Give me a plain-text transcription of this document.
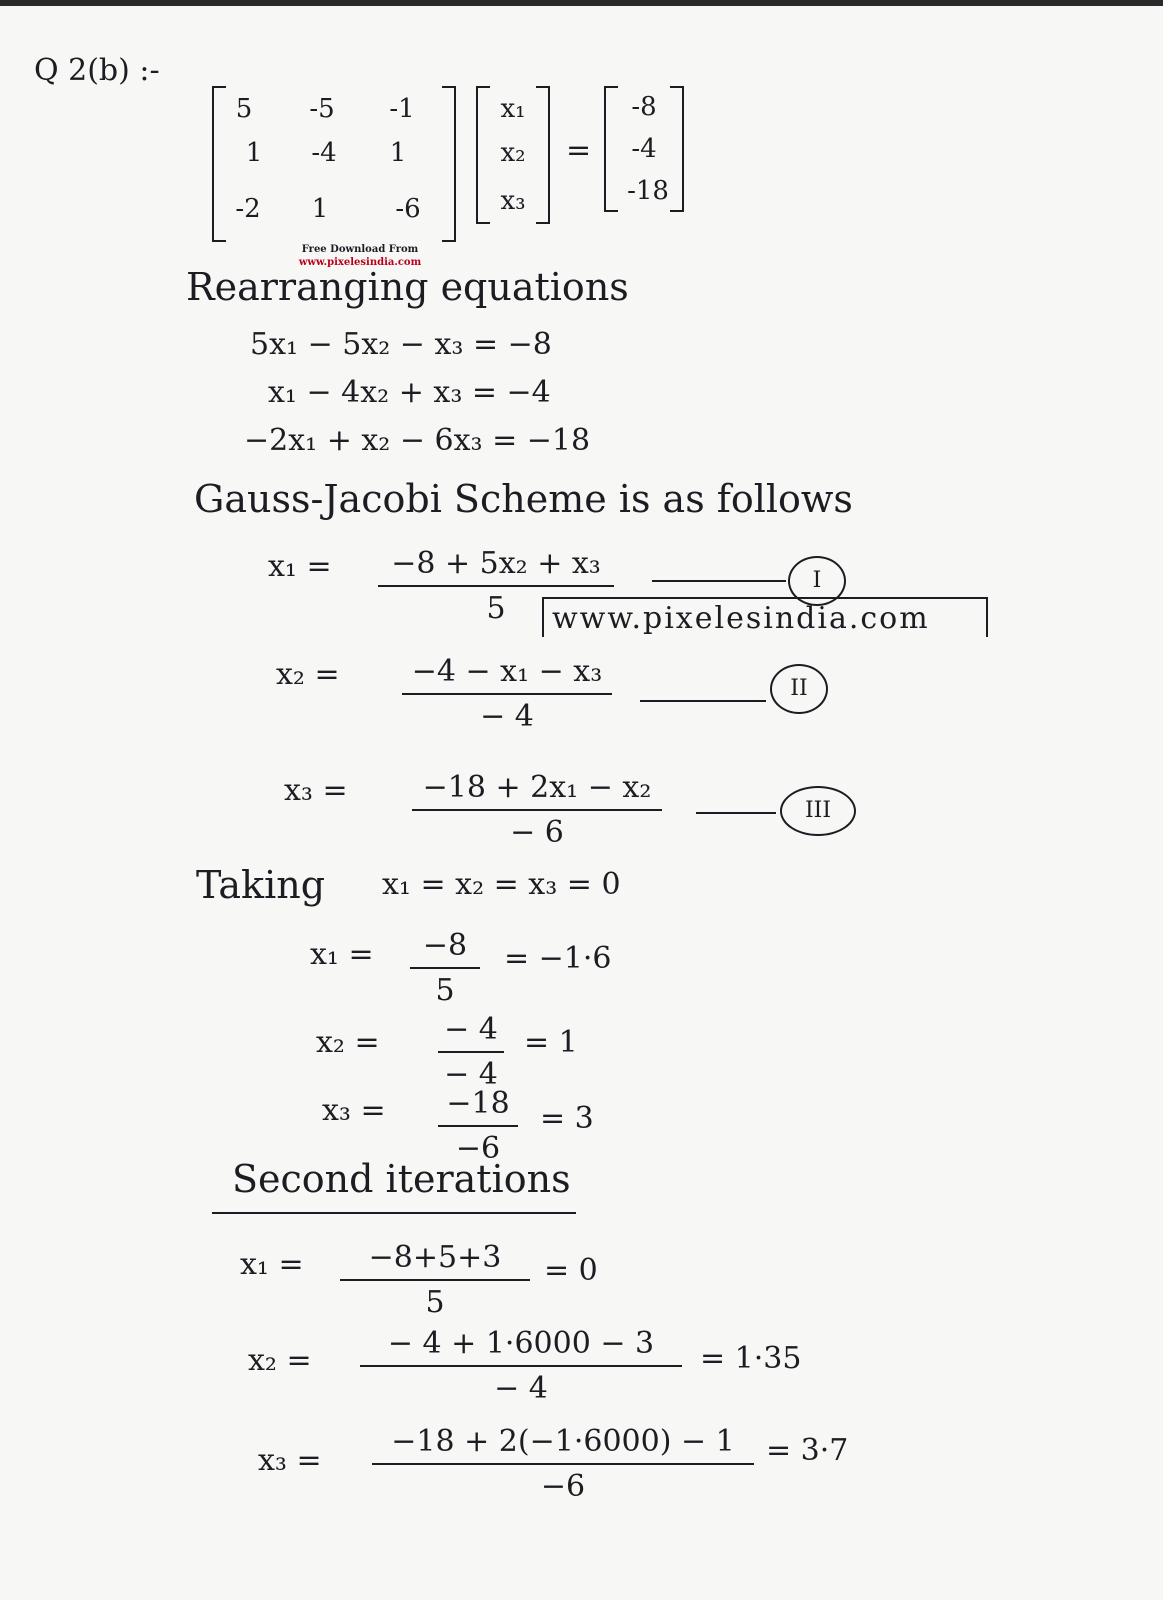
Q 2(b) :-
5 -5 -1
1 -4 1
-2 1	-6
x₁
x₂
x₃
=
-8
-4
-18
Free Download From
www.pixelesindia.com
Rearranging equations
5x₁ − 5x₂ − x₃ = −8
x₁ − 4x₂ + x₃ = −4
−2x₁ + x₂ − 6x₃ = −18
Gauss-Jacobi Scheme is as follows
x₁ =	−8 + 5x₂ + x₃
5
I
www.pixelesindia.com
x₂ =	−4 − x₁ − x₃
− 4
II
x₃ =	−18 + 2x₁ − x₂
− 6
III
Taking x₁ = x₂ = x₃ = 0
x₁ =	−8
5
= −1·6
x₂ = − 4
− 4
= 1
x₃ = −18
−6
= 3
Second iterations
x₁ =	−8+5+3
5
= 0
x₂ =	− 4 + 1·6000 − 3
− 4
= 1·35
x₃ =
−18 + 2(−1·6000) − 1
−6
= 3·7
